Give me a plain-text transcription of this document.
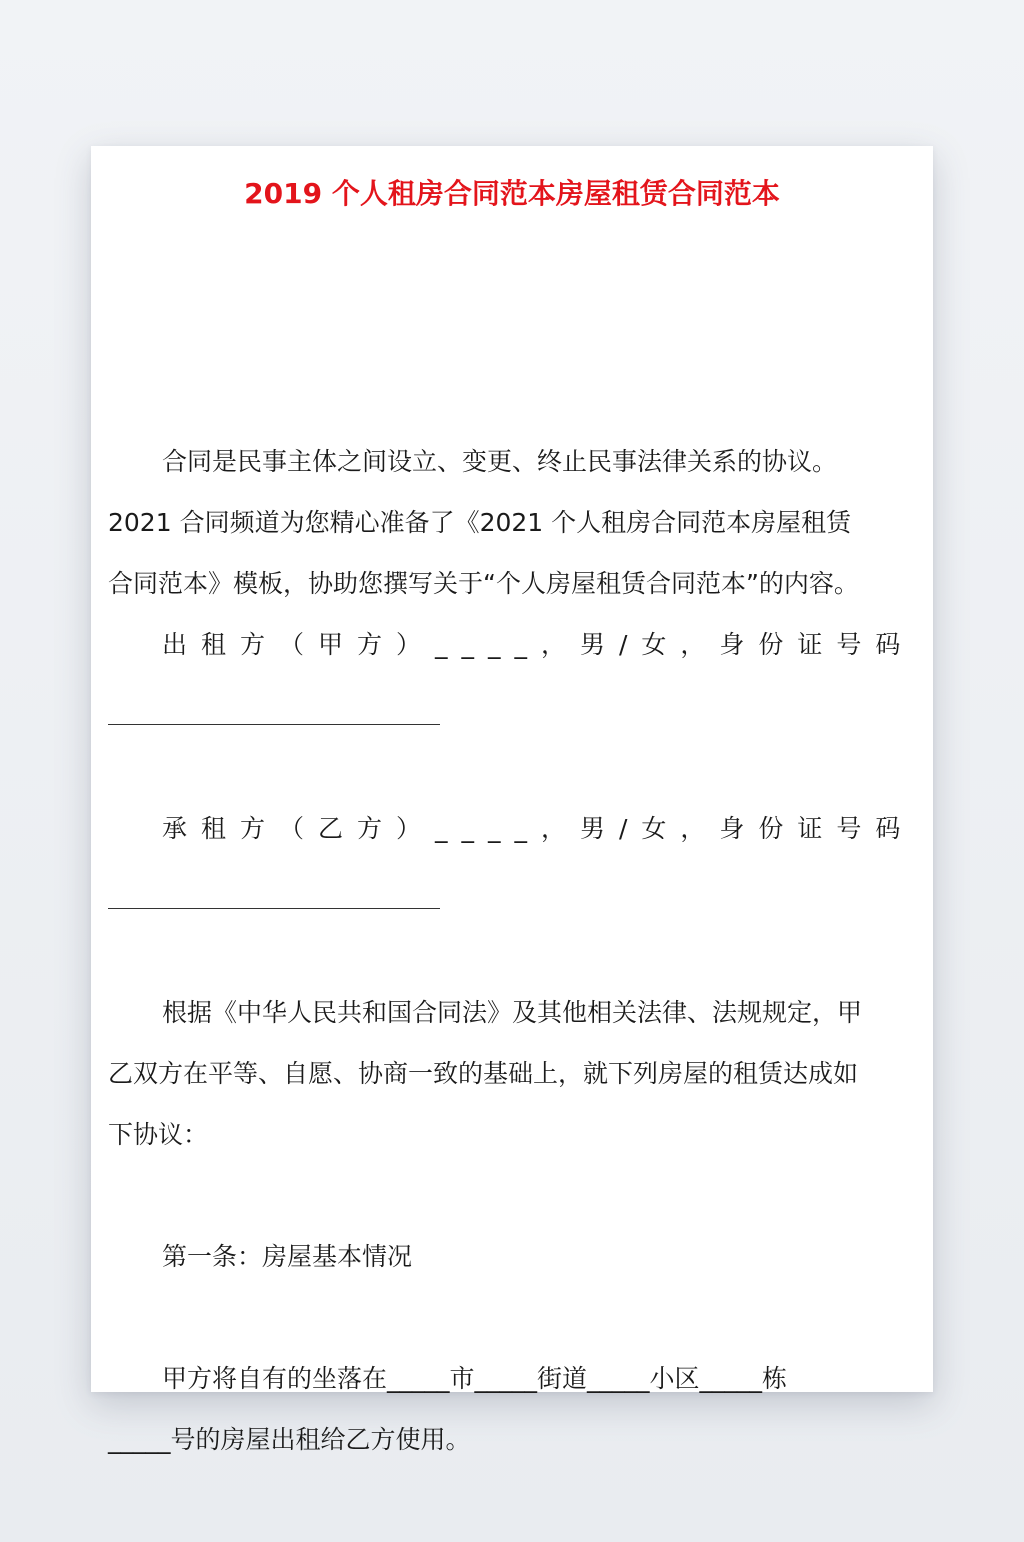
2019 个人租房合同范本房屋租赁合同范本
合同是民事主体之间设立、变更、终止民事法律关系的协议。
2021 合同频道为您精心准备了《2021 个人租房合同范本房屋租赁
合同范本》模板，协助您撰写关于“个人房屋租赁合同范本”的内容。
出租方（甲方）____，男/女，身份证号码
承租方（乙方）____，男/女，身份证号码
根据《中华人民共和国合同法》及其他相关法律、法规规定，甲
乙双方在平等、自愿、协商一致的基础上，就下列房屋的租赁达成如
下协议：
第一条：房屋基本情况
甲方将自有的坐落在_____市_____街道_____小区_____栋
_____号的房屋出租给乙方使用。
